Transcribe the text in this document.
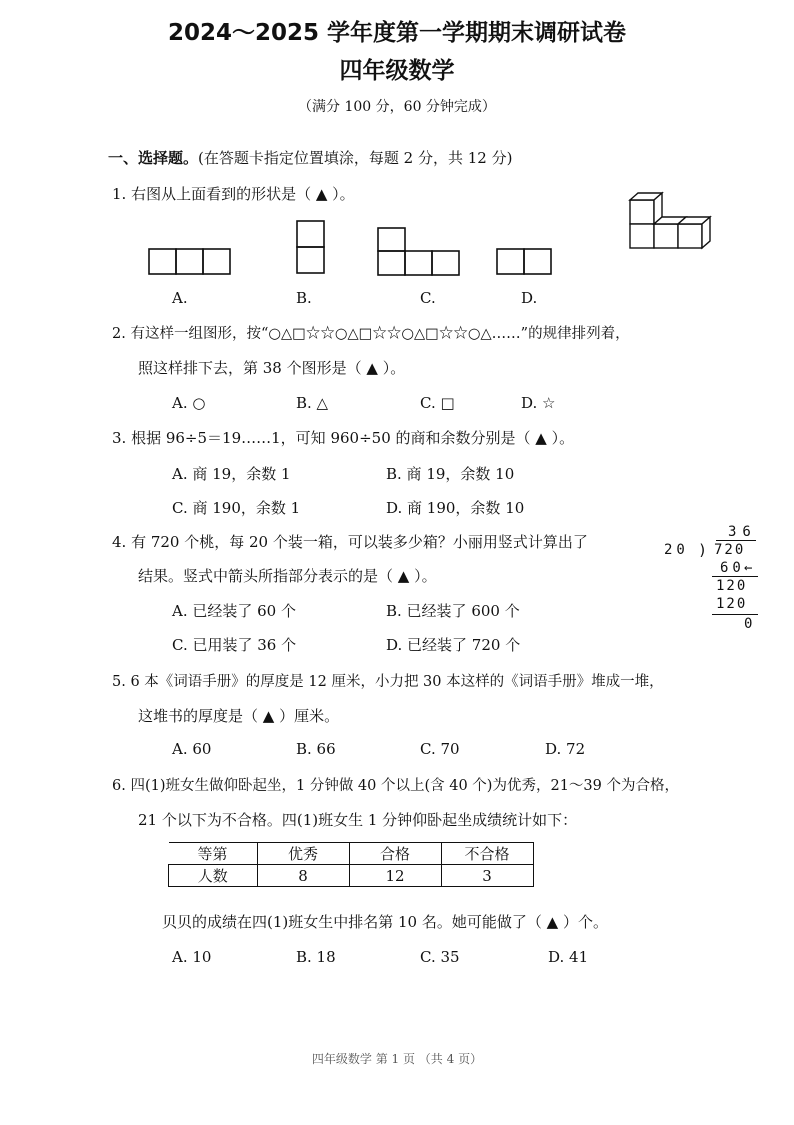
2024～2025 学年度第一学期期末调研试卷
四年级数学
（满分 100 分，60 分钟完成）
一、选择题。(在答题卡指定位置填涂，每题 2 分，共 12 分)
1. 右图从上面看到的形状是（ ▲ ）。
A.	B.	C.	D.
2. 有这样一组图形，按“○△□☆☆○△□☆☆○△□☆☆○△……”的规律排列着，
照这样排下去，第 38 个图形是（ ▲ ）。
A. ○	B. △	C. □	D. ☆
3. 根据 96÷5＝19……1，可知 960÷50 的商和余数分别是（ ▲ ）。
A. 商 19，余数 1	B. 商 19，余数 10
C. 商 190，余数 1	D. 商 190，余数 10
4. 有 720 个桃，每 20 个装一箱，可以装多少箱？小丽用竖式计算出了
结果。竖式中箭头所指部分表示的是（ ▲ ）。
A. 已经装了 60 个	B. 已经装了 600 个
C. 已用装了 36 个	D. 已经装了 720 个
36
20 ) 720
60 ←
120
120
0
5. 6 本《词语手册》的厚度是 12 厘米，小力把 30 本这样的《词语手册》堆成一堆，
这堆书的厚度是（ ▲ ）厘米。
A. 60	B. 66	C. 70	D. 72
6. 四(1)班女生做仰卧起坐，1 分钟做 40 个以上(含 40 个)为优秀，21～39 个为合格，
21 个以下为不合格。四(1)班女生 1 分钟仰卧起坐成绩统计如下：
等第	优秀	合格	不合格
人数	8	12	3
贝贝的成绩在四(1)班女生中排名第 10 名。她可能做了（ ▲ ）个。
A. 10	B. 18	C. 35	D. 41
四年级数学 第 1 页 （共 4 页）
